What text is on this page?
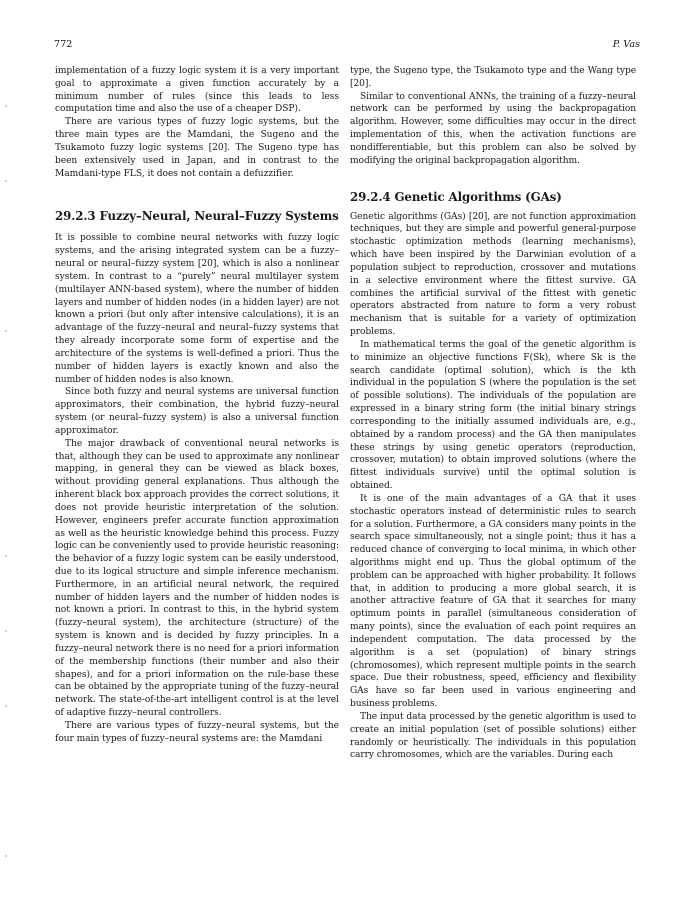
772	P. Vas

implementation of a fuzzy logic system it is a very important goal to approximate a given function accurately by a minimum number of rules (since this leads to less computation time and also the use of a cheaper DSP).

There are various types of fuzzy logic systems, but the three main types are the Mamdani, the Sugeno and the Tsukamoto fuzzy logic systems [20]. The Sugeno type has been extensively used in Japan, and in contrast to the Mamdani-type FLS, it does not contain a defuzzifier.

29.2.3 Fuzzy–Neural, Neural–Fuzzy Systems

It is possible to combine neural networks with fuzzy logic systems, and the arising integrated system can be a fuzzy–neural or neural–fuzzy system [20], which is also a nonlinear system. In contrast to a “purely” neural multilayer system (multilayer ANN-based system), where the number of hidden layers and number of hidden nodes (in a hidden layer) are not known a priori (but only after intensive calculations), it is an advantage of the fuzzy–neural and neural–fuzzy systems that they already incorporate some form of expertise and the architecture of the systems is well-defined a priori. Thus the number of hidden layers is exactly known and also the number of hidden nodes is also known.

Since both fuzzy and neural systems are universal function approximators, their combination, the hybrid fuzzy–neural system (or neural–fuzzy system) is also a universal function approximator.

The major drawback of conventional neural networks is that, although they can be used to approximate any nonlinear mapping, in general they can be viewed as black boxes, without providing general explanations. Thus although the inherent black box approach provides the correct solutions, it does not provide heuristic interpretation of the solution. However, engineers prefer accurate function approximation as well as the heuristic knowledge behind this process. Fuzzy logic can be conveniently used to provide heuristic reasoning: the behavior of a fuzzy logic system can be easily understood, due to its logical structure and simple inference mechanism. Furthermore, in an artificial neural network, the required number of hidden layers and the number of hidden nodes is not known a priori. In contrast to this, in the hybrid system (fuzzy–neural system), the architecture (structure) of the system is known and is decided by fuzzy principles. In a fuzzy–neural network there is no need for a priori information of the membership functions (their number and also their shapes), and for a priori information on the rule-base these can be obtained by the appropriate tuning of the fuzzy–neural network. The state-of-the-art intelligent control is at the level of adaptive fuzzy–neural controllers.

There are various types of fuzzy–neural systems, but the four main types of fuzzy–neural systems are: the Mamdani

type, the Sugeno type, the Tsukamoto type and the Wang type [20].

Similar to conventional ANNs, the training of a fuzzy–neural network can be performed by using the backpropagation algorithm. However, some difficulties may occur in the direct implementation of this, when the activation functions are nondifferentiable, but this problem can also be solved by modifying the original backpropagation algorithm.

29.2.4 Genetic Algorithms (GAs)

Genetic algorithms (GAs) [20], are not function approximation techniques, but they are simple and powerful general-purpose stochastic optimization methods (learning mechanisms), which have been inspired by the Darwinian evolution of a population subject to reproduction, crossover and mutations in a selective environment where the fittest survive. GA combines the artificial survival of the fittest with genetic operators abstracted from nature to form a very robust mechanism that is suitable for a variety of optimization problems.

In mathematical terms the goal of the genetic algorithm is to minimize an objective functions F(Sk), where Sk is the search candidate (optimal solution), which is the kth individual in the population S (where the population is the set of possible solutions). The individuals of the population are expressed in a binary string form (the initial binary strings corresponding to the initially assumed individuals are, e.g., obtained by a random process) and the GA then manipulates these strings by using genetic operators (reproduction, crossover, mutation) to obtain improved solutions (where the fittest individuals survive) until the optimal solution is obtained.

It is one of the main advantages of a GA that it uses stochastic operators instead of deterministic rules to search for a solution. Furthermore, a GA considers many points in the search space simultaneously, not a single point; thus it has a reduced chance of converging to local minima, in which other algorithms might end up. Thus the global optimum of the problem can be approached with higher probability. It follows that, in addition to producing a more global search, it is another attractive feature of GA that it searches for many optimum points in parallel (simultaneous consideration of many points), since the evaluation of each point requires an independent computation. The data processed by the algorithm is a set (population) of binary strings (chromosomes), which represent multiple points in the search space. Due their robustness, speed, efficiency and flexibility GAs have so far been used in various engineering and business problems.

The input data processed by the genetic algorithm is used to create an initial population (set of possible solutions) either randomly or heuristically. The individuals in this population carry chromosomes, which are the variables. During each
